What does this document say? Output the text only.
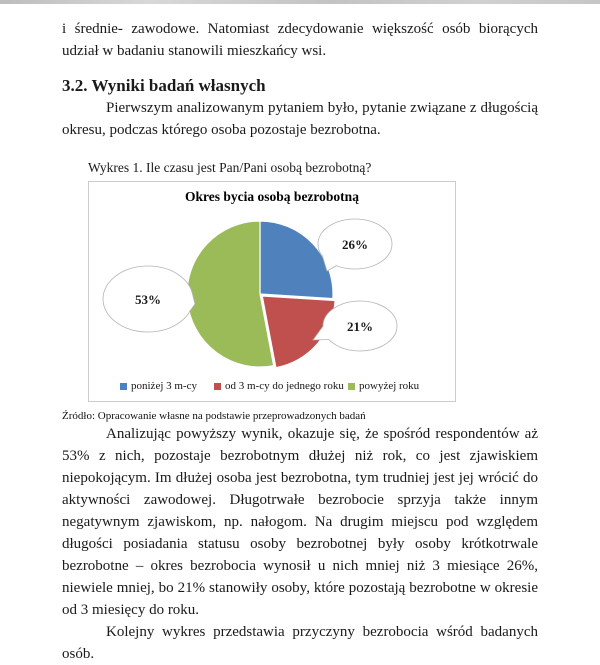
i średnie- zawodowe. Natomiast zdecydowanie większość osób biorących udział w badaniu stanowili mieszkańcy wsi.

3.2. Wyniki badań własnych

Pierwszym analizowanym pytaniem było, pytanie związane z długością okresu, podczas którego osoba pozostaje bezrobotna.

Wykres 1. Ile czasu jest Pan/Pani osobą bezrobotną?
26%
21%
53%
Okres bycia osobą bezrobotną
poniżej 3 m-cy	od 3 m-cy do jednego roku powyżej roku
Źródło: Opracowanie własne na podstawie przeprowadzonych badań

Analizując powyższy wynik, okazuje się, że spośród respondentów aż 53% z nich, pozostaje bezrobotnym dłużej niż rok, co jest zjawiskiem niepokojącym. Im dłużej osoba jest bezrobotna, tym trudniej jest jej wrócić do aktywności zawodowej. Długotrwałe bezrobocie sprzyja także innym negatywnym zjawiskom, np. nałogom. Na drugim miejscu pod względem długości posiadania statusu osoby bezrobotnej były osoby krótkotrwale bezrobotne – okres bezrobocia wynosił u nich mniej niż 3 miesiące 26%, niewiele mniej, bo 21% stanowiły osoby, które pozostają bezrobotne w okresie od 3 miesięcy do roku.

Kolejny wykres przedstawia przyczyny bezrobocia wśród badanych osób.
